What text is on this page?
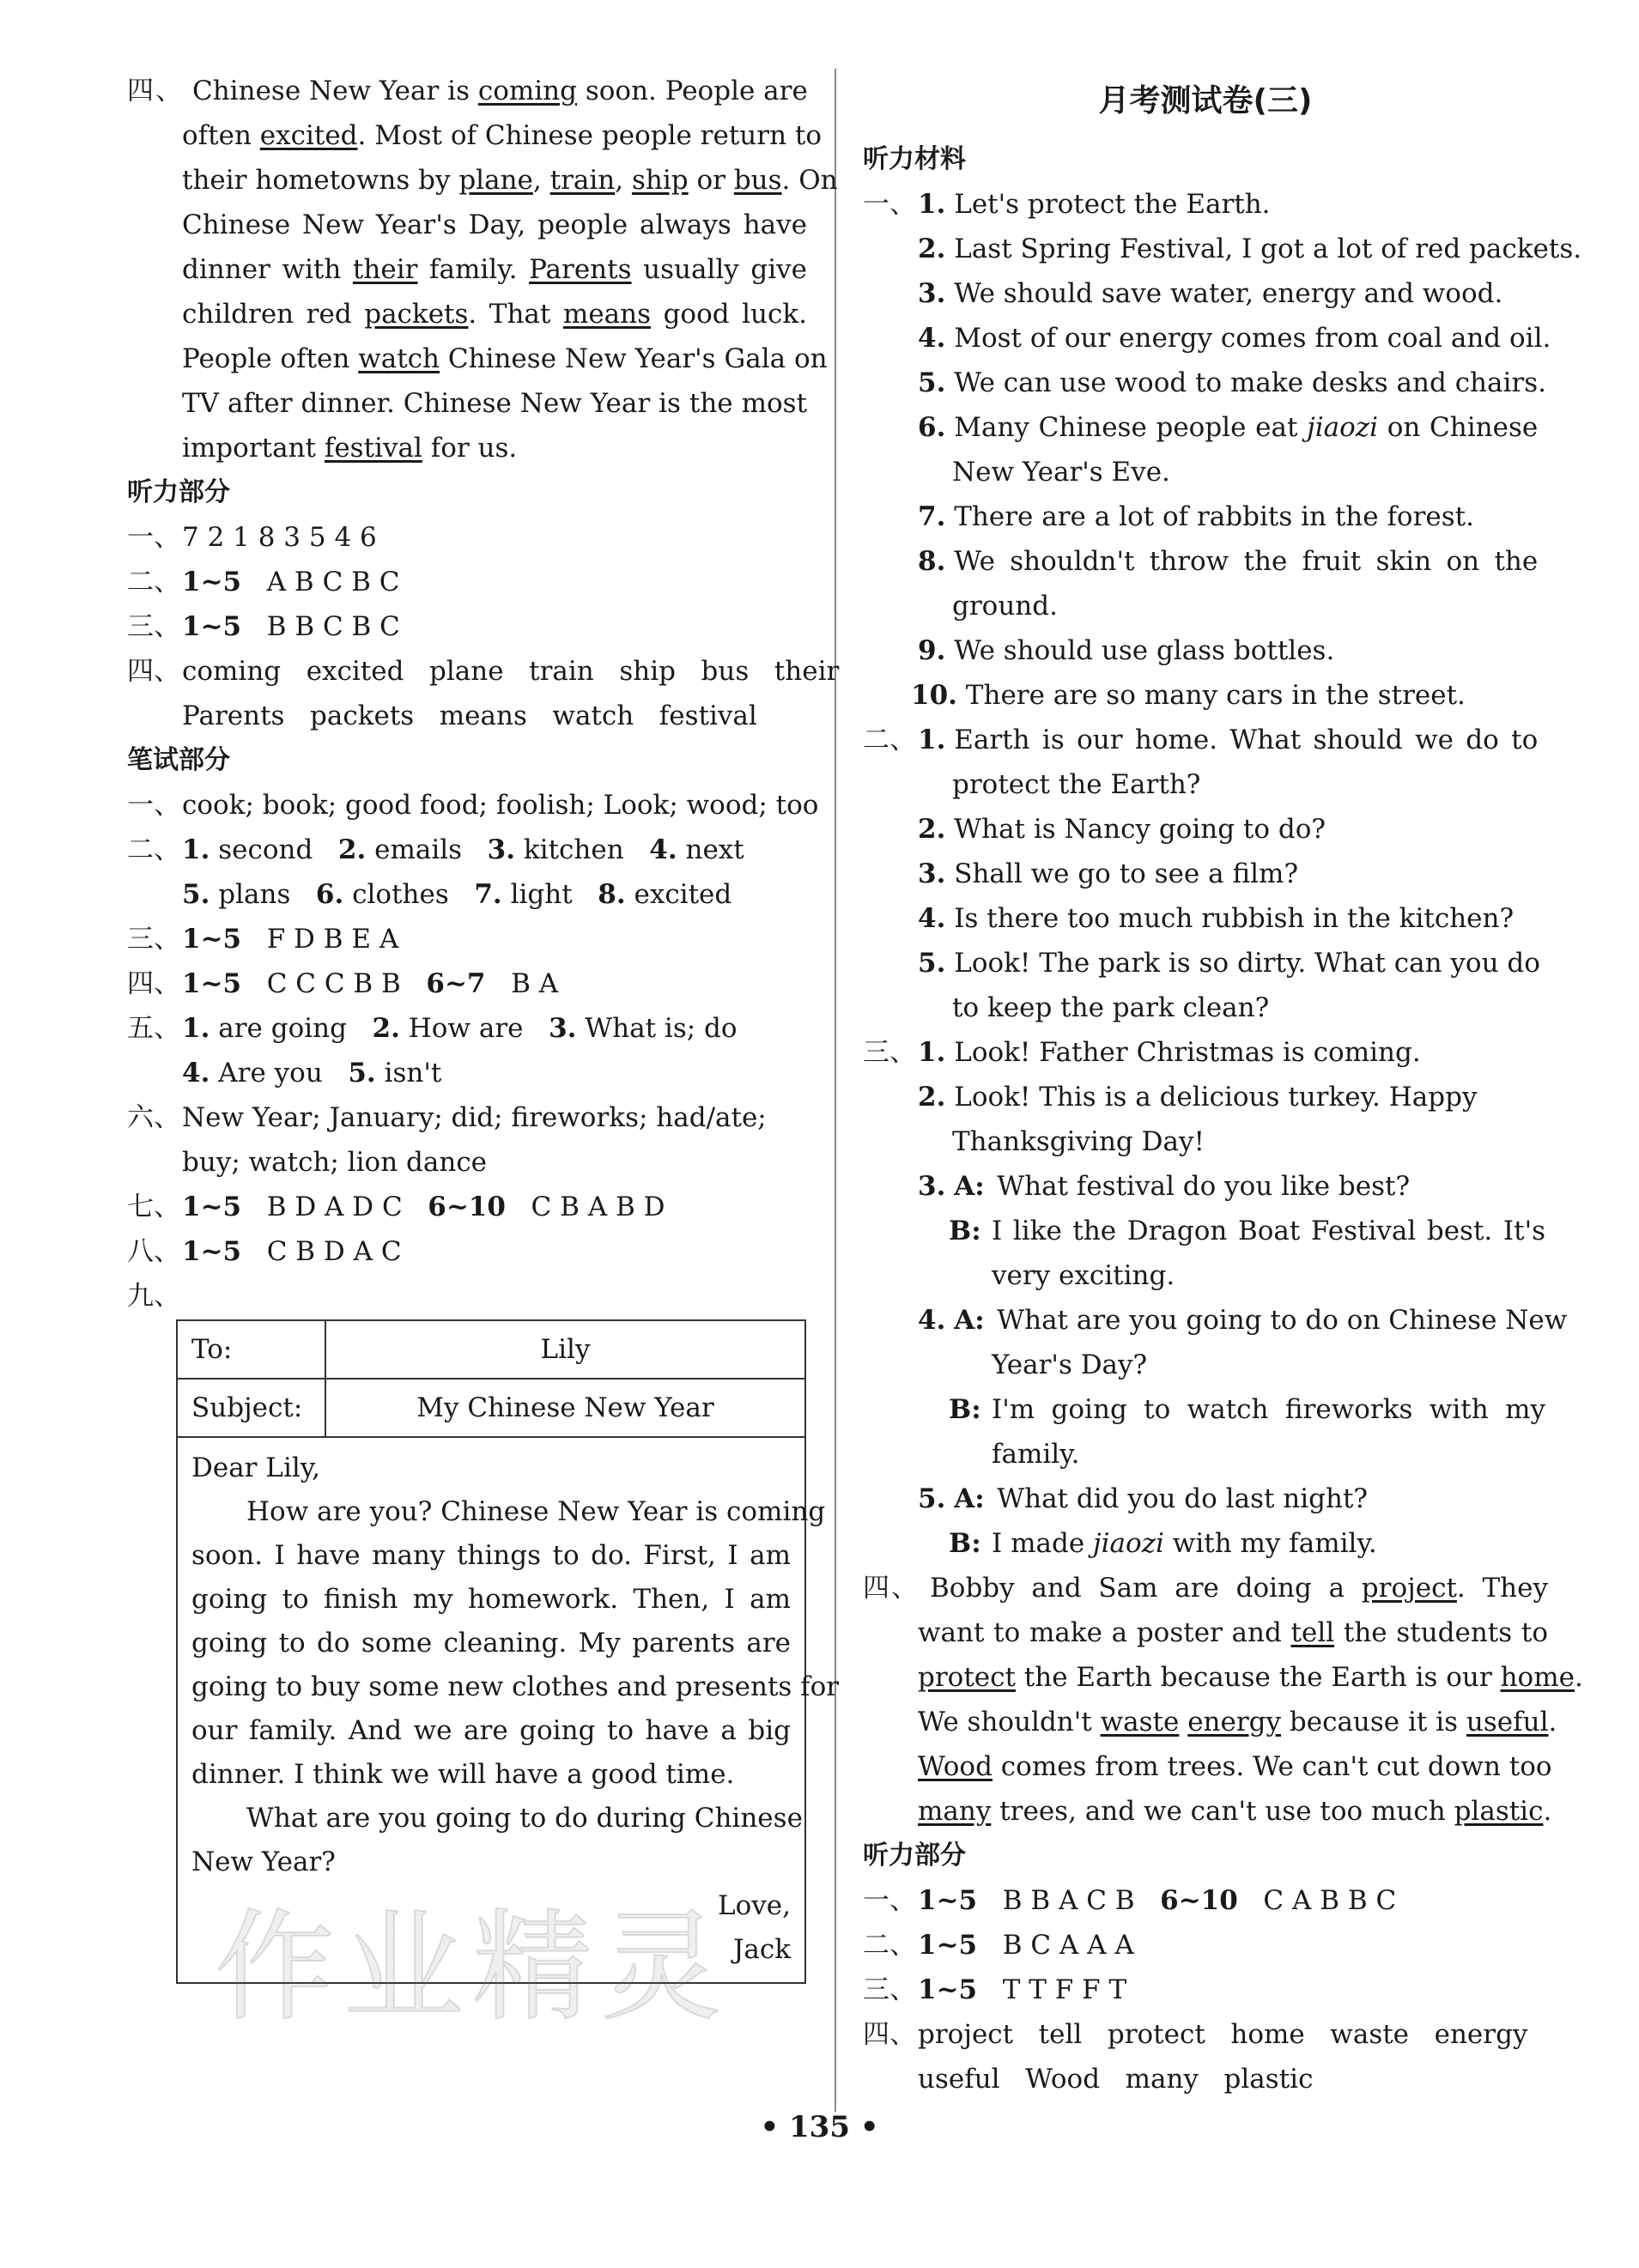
四、 Chinese New Year is coming soon. People are
often excited. Most of Chinese people return to
their hometowns by plane, train, ship or bus. On
Chinese New Year's Day, people always have
dinner with their family. Parents usually give
children red packets. That means good luck.
People often watch Chinese New Year's Gala on
TV after dinner. Chinese New Year is the most
important festival for us.
听力部分
一、7 2 1 8 3 5 4 6
二、1~5 A B C B C
三、1~5 B B C B C
四、coming   excited   plane   train   ship   bus   their
Parents   packets   means   watch   festival
笔试部分
一、cook; book; good food; foolish; Look; wood; too
二、1. second 2. emails 3. kitchen 4. next
5. plans 6. clothes 7. light 8. excited
三、1~5 F D B E A
四、1~5 C C C B B 6~7 B A
五、1. are going 2. How are 3. What is; do
4. Are you 5. isn't
六、New Year; January; did; fireworks; had/ate;
buy; watch; lion dance
七、1~5 B D A D C 6~10 C B A B D
八、1~5 C B D A C
九、
To:	Lily
Subject:	My Chinese New Year
Dear Lily,
How are you? Chinese New Year is coming
soon. I have many things to do. First, I am
going to finish my homework. Then, I am
going to do some cleaning. My parents are
going to buy some new clothes and presents for
our family. And we are going to have a big
dinner. I think we will have a good time.
What are you going to do during Chinese
New Year?
Love,
Jack
月考测试卷(三)
听力材料
一、1. Let's protect the Earth.
2. Last Spring Festival, I got a lot of red packets.
3. We should save water, energy and wood.
4. Most of our energy comes from coal and oil.
5. We can use wood to make desks and chairs.
6. Many Chinese people eat jiaozi on Chinese
New Year's Eve.
7. There are a lot of rabbits in the forest.
8. We shouldn't throw the fruit skin on the
ground.
9. We should use glass bottles.
10. There are so many cars in the street.
二、1. Earth is our home. What should we do to
protect the Earth?
2. What is Nancy going to do?
3. Shall we go to see a film?
4. Is there too much rubbish in the kitchen?
5. Look! The park is so dirty. What can you do
to keep the park clean?
三、1. Look! Father Christmas is coming.
2. Look! This is a delicious turkey. Happy
Thanksgiving Day!
3. A: What festival do you like best?
B: I like the Dragon Boat Festival best. It's
very exciting.
4. A: What are you going to do on Chinese New
Year's Day?
B: I'm going to watch fireworks with my
family.
5. A: What did you do last night?
B: I made jiaozi with my family.
四、 Bobby and Sam are doing a project. They
want to make a poster and tell the students to
protect the Earth because the Earth is our home.
We shouldn't waste energy because it is useful.
Wood comes from trees. We can't cut down too
many trees, and we can't use too much plastic.
听力部分
一、1~5 B B A C B 6~10 C A B B C
二、1~5 B C A A A
三、1~5 T T F F T
四、project   tell   protect   home   waste   energy
useful   Wood   many   plastic
作业精灵
• 135 •
